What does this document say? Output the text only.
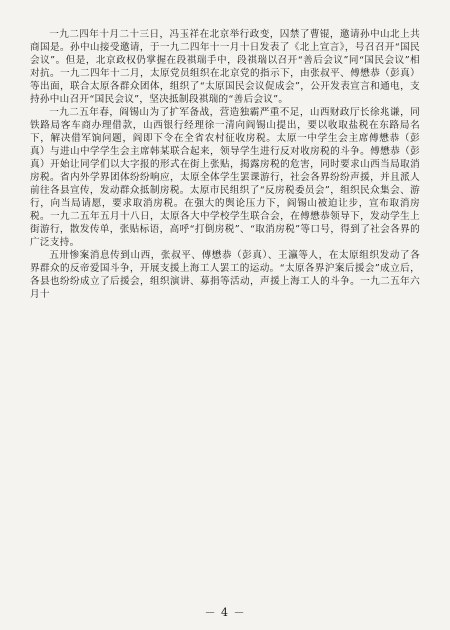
一九二四年十月二十三日，冯玉祥在北京举行政变，囚禁了曹锟，邀请孙中山北上共商国是。孙中山接受邀请，于一九二四年十一月十日发表了《北上宣言》，号召召开“国民会议”。但是，北京政权仍掌握在段祺瑞手中，段祺瑞以召开“善后会议”同“国民会议”相对抗。一九二四年十二月，太原党员组织在北京党的指示下，由张叔平、傅懋恭（彭真）等出面，联合太原各群众团体，组织了“太原国民会议促成会”，公开发表宣言和通电，支持孙中山召开“国民会议”，坚决抵制段祺瑞的“善后会议”。

一九二五年春，阎锡山为了扩军备战，营造独霸严重不足，山西财政厅长徐兆谦，同铁路局客车商办理借款，山西银行经理徐一清向阎锡山提出，要以收取盐税在东路局名下，解决借军饷问题，阎即下令在全省农村征收房税。太原一中学生会主席傅懋恭（彭真）与进山中学学生会主席韩某联合起来，领导学生进行反对收房税的斗争。傅懋恭（彭真）开始让同学们以大字报的形式在街上张贴，揭露房税的危害，同时要求山西当局取消房税。省内外学界团体纷纷响应，太原全体学生罢课游行，社会各界纷纷声援，并且派人前往各县宣传，发动群众抵制房税。太原市民组织了“反房税委员会”，组织民众集会、游行，向当局请愿，要求取消房税。在强大的舆论压力下，阎锡山被迫让步，宣布取消房税。一九二五年五月十八日，太原各大中学校学生联合会，在傅懋恭领导下，发动学生上街游行，散发传单，张贴标语，高呼“打倒房税”、“取消房税”等口号，得到了社会各界的广泛支持。

五卅惨案消息传到山西，张叔平、傅懋恭（彭真）、王瀛等人，在太原组织发动了各界群众的反帝爱国斗争，开展支援上海工人罢工的运动。“太原各界沪案后援会”成立后，各县也纷纷成立了后援会，组织演讲、募捐等活动，声援上海工人的斗争。一九二五年六月十

－ 4 －
